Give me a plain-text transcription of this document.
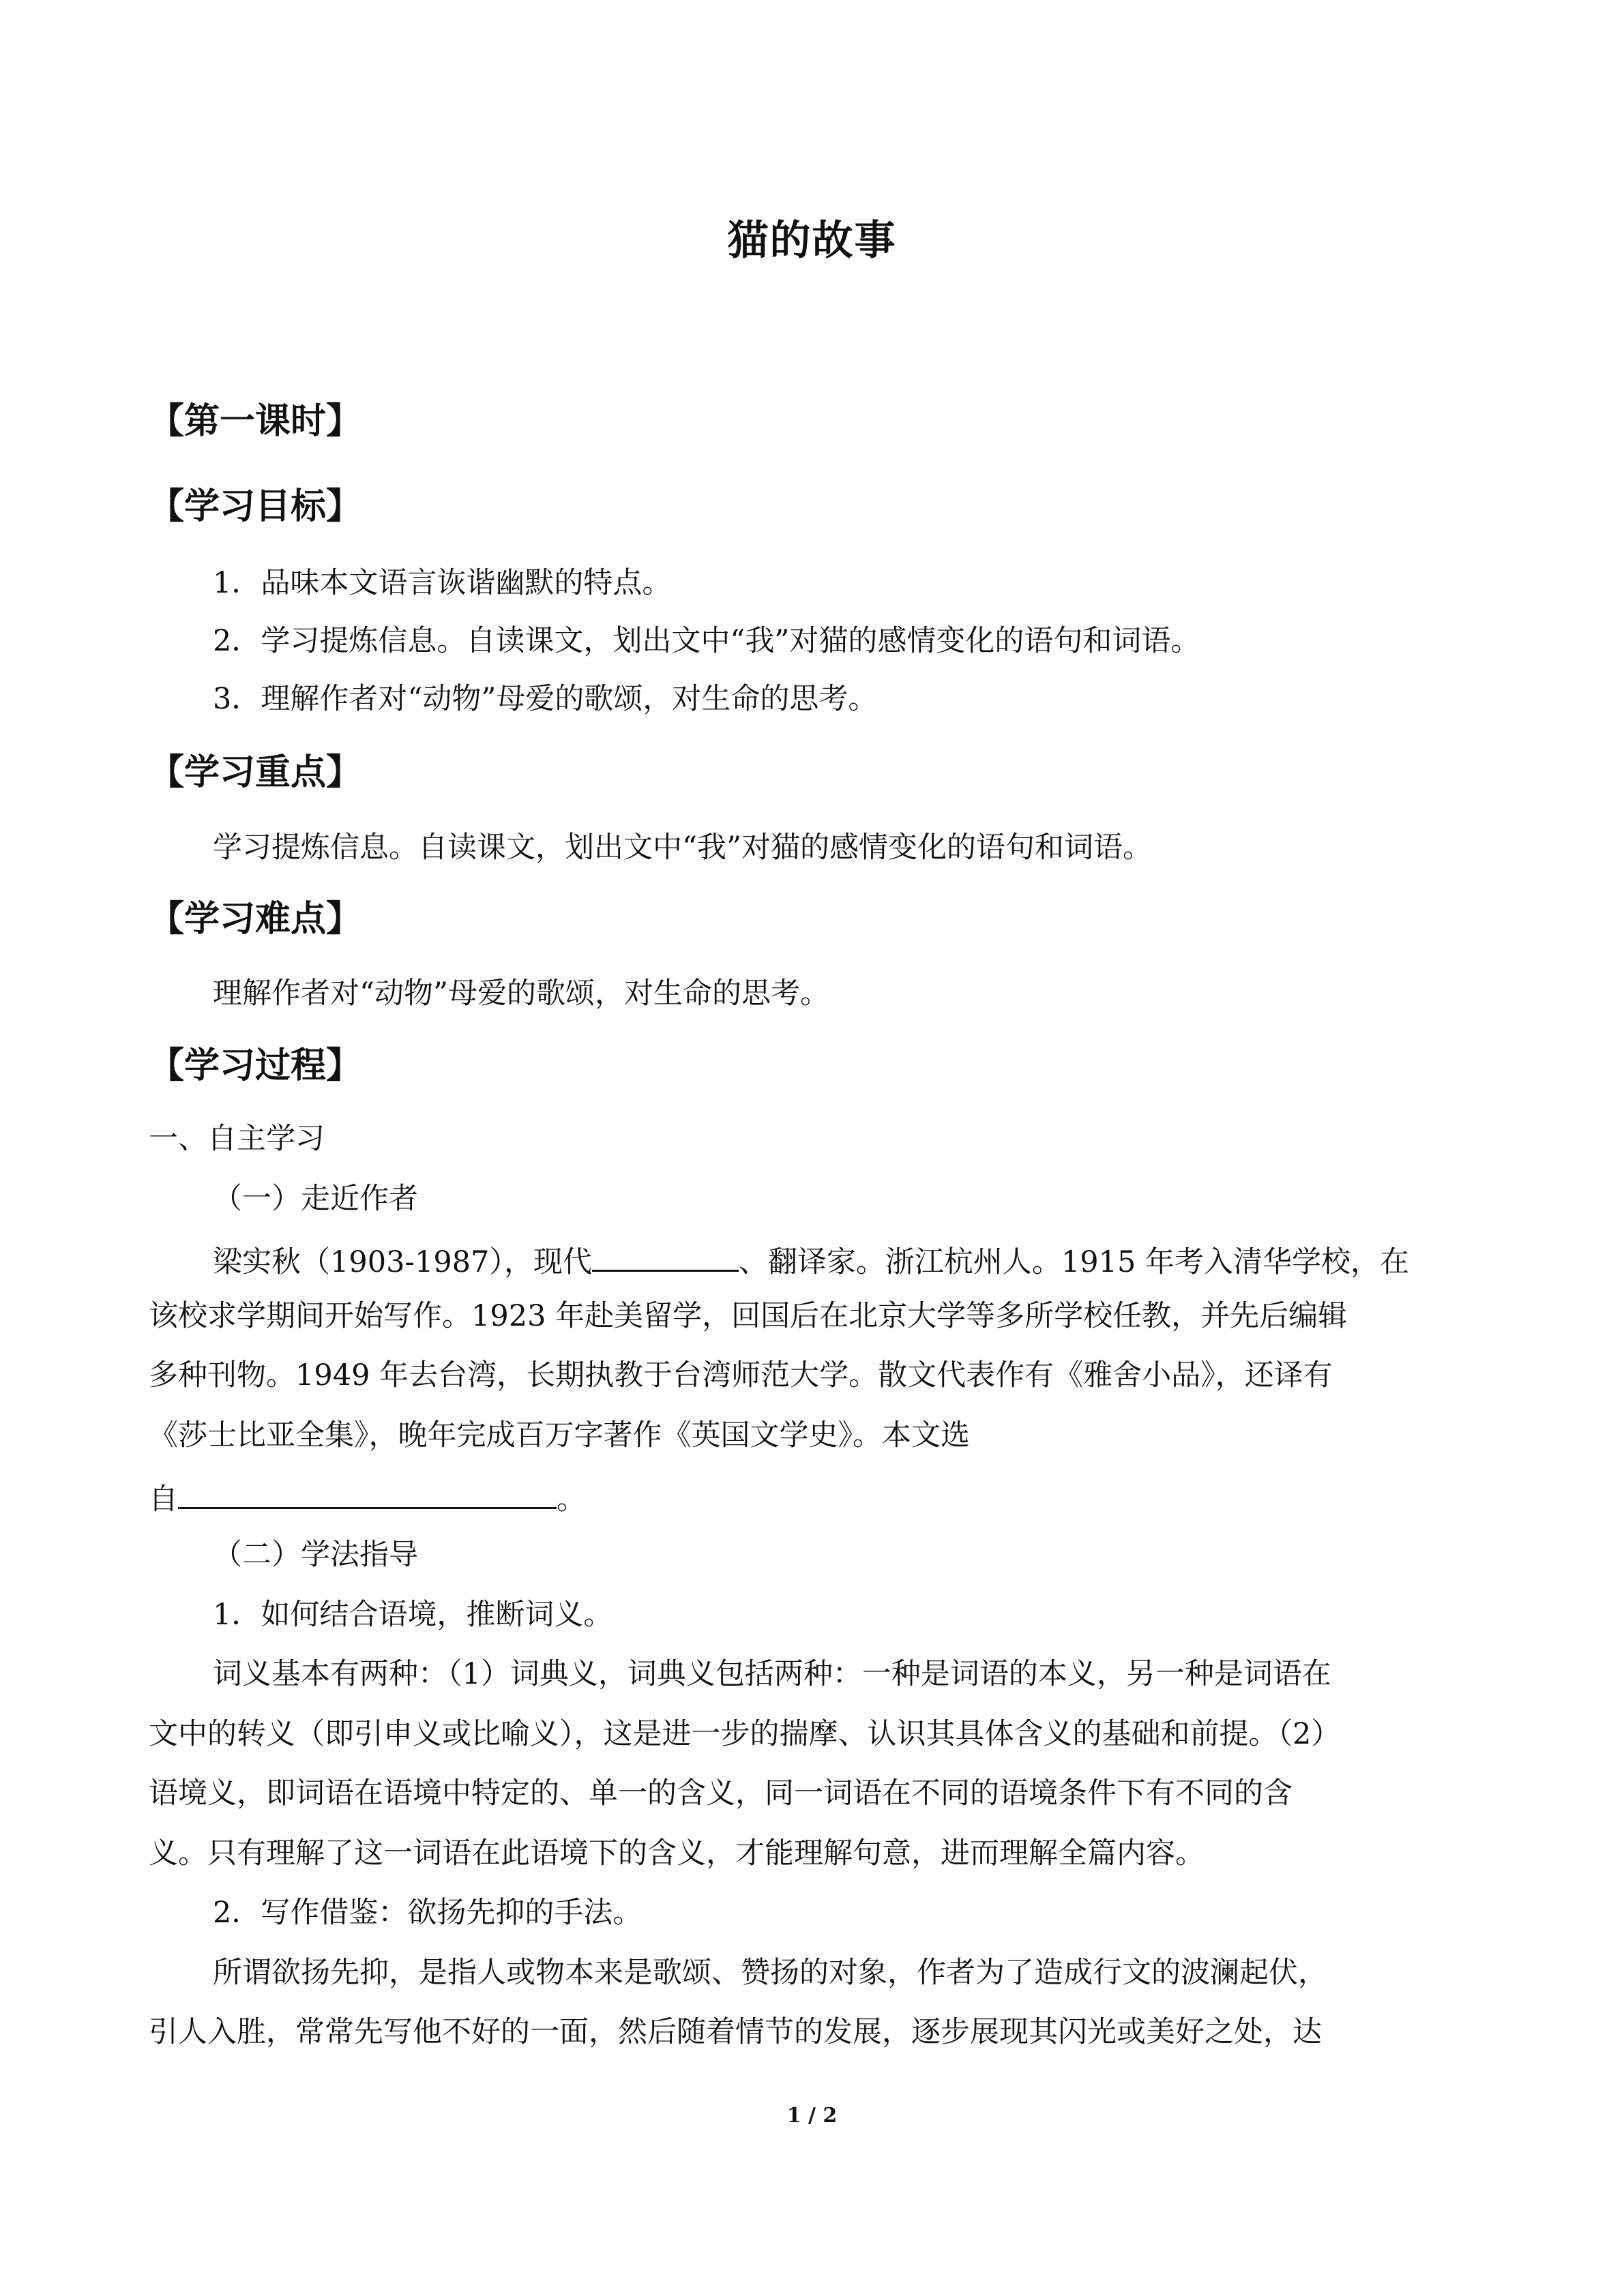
猫的故事
【第一课时】
【学习目标】

1．品味本文语言诙谐幽默的特点。

2．学习提炼信息。自读课文，划出文中“我”对猫的感情变化的语句和词语。

3．理解作者对“动物”母爱的歌颂，对生命的思考。

【学习重点】

学习提炼信息。自读课文，划出文中“我”对猫的感情变化的语句和词语。

【学习难点】

理解作者对“动物”母爱的歌颂，对生命的思考。

【学习过程】

一、自主学习

（一）走近作者

梁实秋（1903-1987），现代	、翻译家。浙江杭州人。1915 年考入清华学校，在

该校求学期间开始写作。1923 年赴美留学，回国后在北京大学等多所学校任教，并先后编辑

多种刊物。1949 年去台湾，长期执教于台湾师范大学。散文代表作有《雅舍小品》，还译有

《莎士比亚全集》，晚年完成百万字著作《英国文学史》。本文选

自	。

（二）学法指导

1．如何结合语境，推断词义。

词义基本有两种：（1）词典义，词典义包括两种：一种是词语的本义，另一种是词语在

文中的转义（即引申义或比喻义），这是进一步的揣摩、认识其具体含义的基础和前提。（2）

语境义，即词语在语境中特定的、单一的含义，同一词语在不同的语境条件下有不同的含

义。只有理解了这一词语在此语境下的含义，才能理解句意，进而理解全篇内容。

2．写作借鉴：欲扬先抑的手法。

所谓欲扬先抑，是指人或物本来是歌颂、赞扬的对象，作者为了造成行文的波澜起伏，

引人入胜，常常先写他不好的一面，然后随着情节的发展，逐步展现其闪光或美好之处，达

1 / 2
